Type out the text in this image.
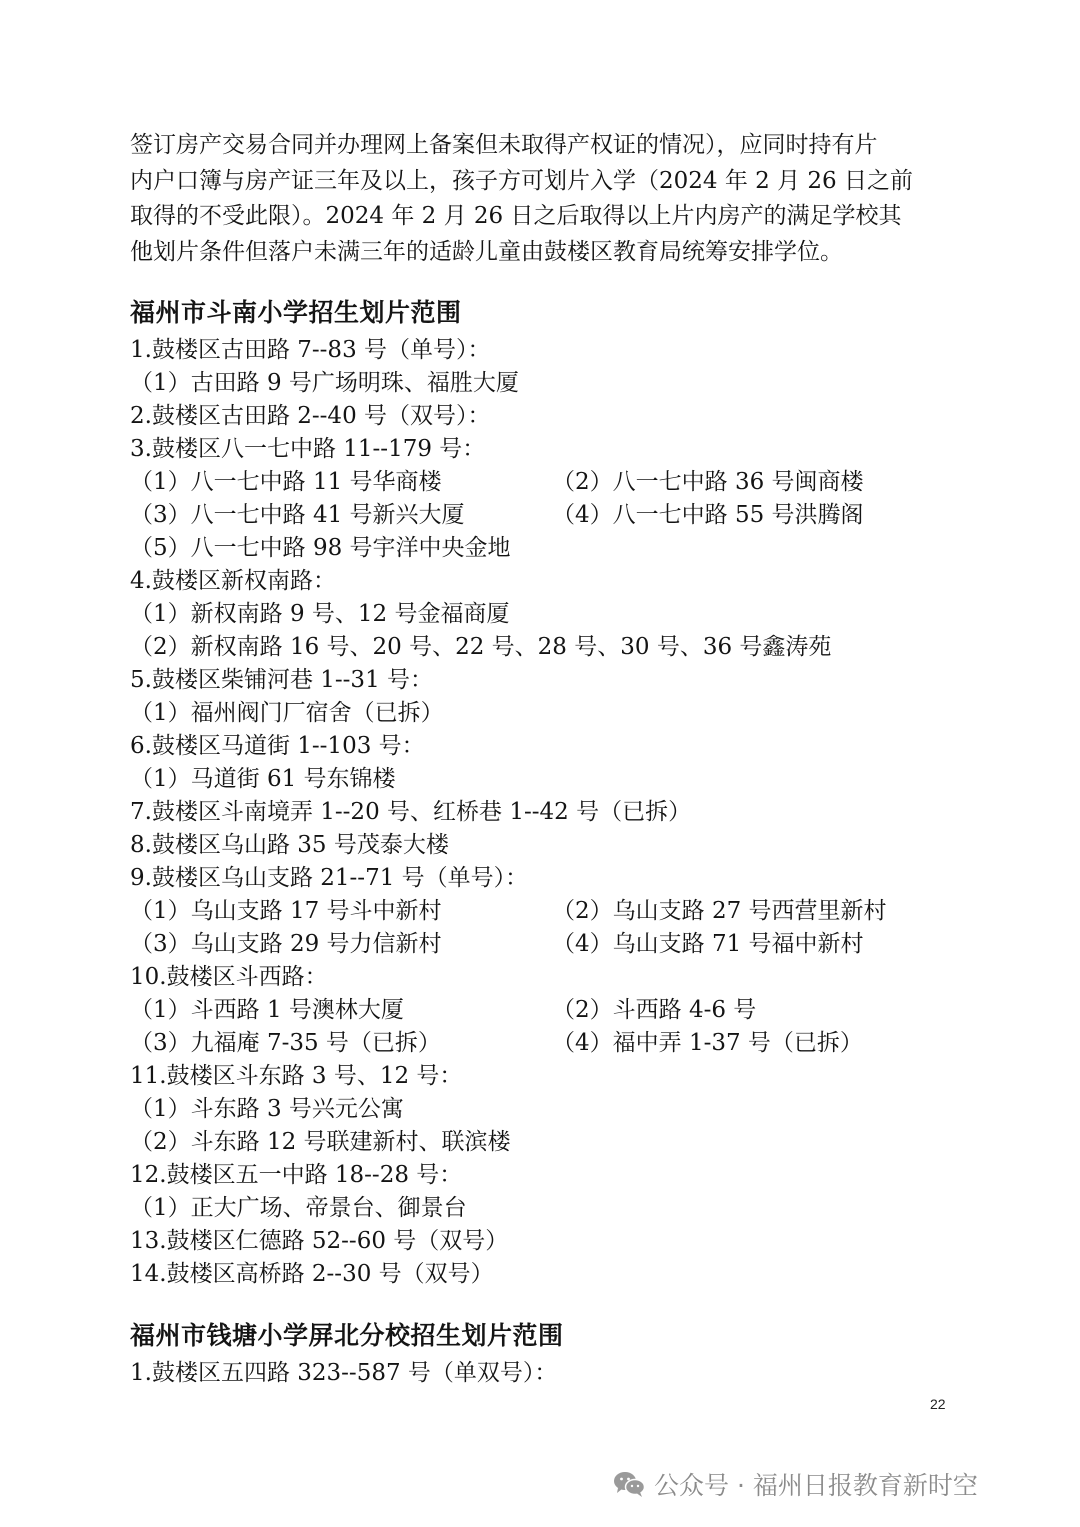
签订房产交易合同并办理网上备案但未取得产权证的情况），应同时持有片

内户口簿与房产证三年及以上，孩子方可划片入学（2024 年 2 月 26 日之前

取得的不受此限）。2024 年 2 月 26 日之后取得以上片内房产的满足学校其

他划片条件但落户未满三年的适龄儿童由鼓楼区教育局统筹安排学位。

福州市斗南小学招生划片范围
1.鼓楼区古田路 7--83 号（单号）：
（1）古田路 9 号广场明珠、福胜大厦
2.鼓楼区古田路 2--40 号（双号）：
3.鼓楼区八一七中路 11--179 号：
（1）八一七中路 11 号华商楼	（2）八一七中路 36 号闽商楼
（3）八一七中路 41 号新兴大厦	（4）八一七中路 55 号洪腾阁
（5）八一七中路 98 号宇洋中央金地
4.鼓楼区新权南路：
（1）新权南路 9 号、12 号金福商厦
（2）新权南路 16 号、20 号、22 号、28 号、30 号、36 号鑫涛苑
5.鼓楼区柴铺河巷 1--31 号：
（1）福州阀门厂宿舍（已拆）
6.鼓楼区马道街 1--103 号：
（1）马道街 61 号东锦楼
7.鼓楼区斗南境弄 1--20 号、红桥巷 1--42 号（已拆）
8.鼓楼区乌山路 35 号茂泰大楼
9.鼓楼区乌山支路 21--71 号（单号）：
（1）乌山支路 17 号斗中新村	（2）乌山支路 27 号西营里新村
（3）乌山支路 29 号力信新村	（4）乌山支路 71 号福中新村
10.鼓楼区斗西路：
（1）斗西路 1 号澳林大厦	（2）斗西路 4-6 号
（3）九福庵 7-35 号（已拆）	（4）福中弄 1-37 号（已拆）
11.鼓楼区斗东路 3 号、12 号：
（1）斗东路 3 号兴元公寓
（2）斗东路 12 号联建新村、联滨楼
12.鼓楼区五一中路 18--28 号：
（1）正大广场、帝景台、御景台
13.鼓楼区仁德路 52--60 号（双号）
14.鼓楼区高桥路 2--30 号（双号）
福州市钱塘小学屏北分校招生划片范围
1.鼓楼区五四路 323--587 号（单双号）：
22
公众号 · 福州日报教育新时空
